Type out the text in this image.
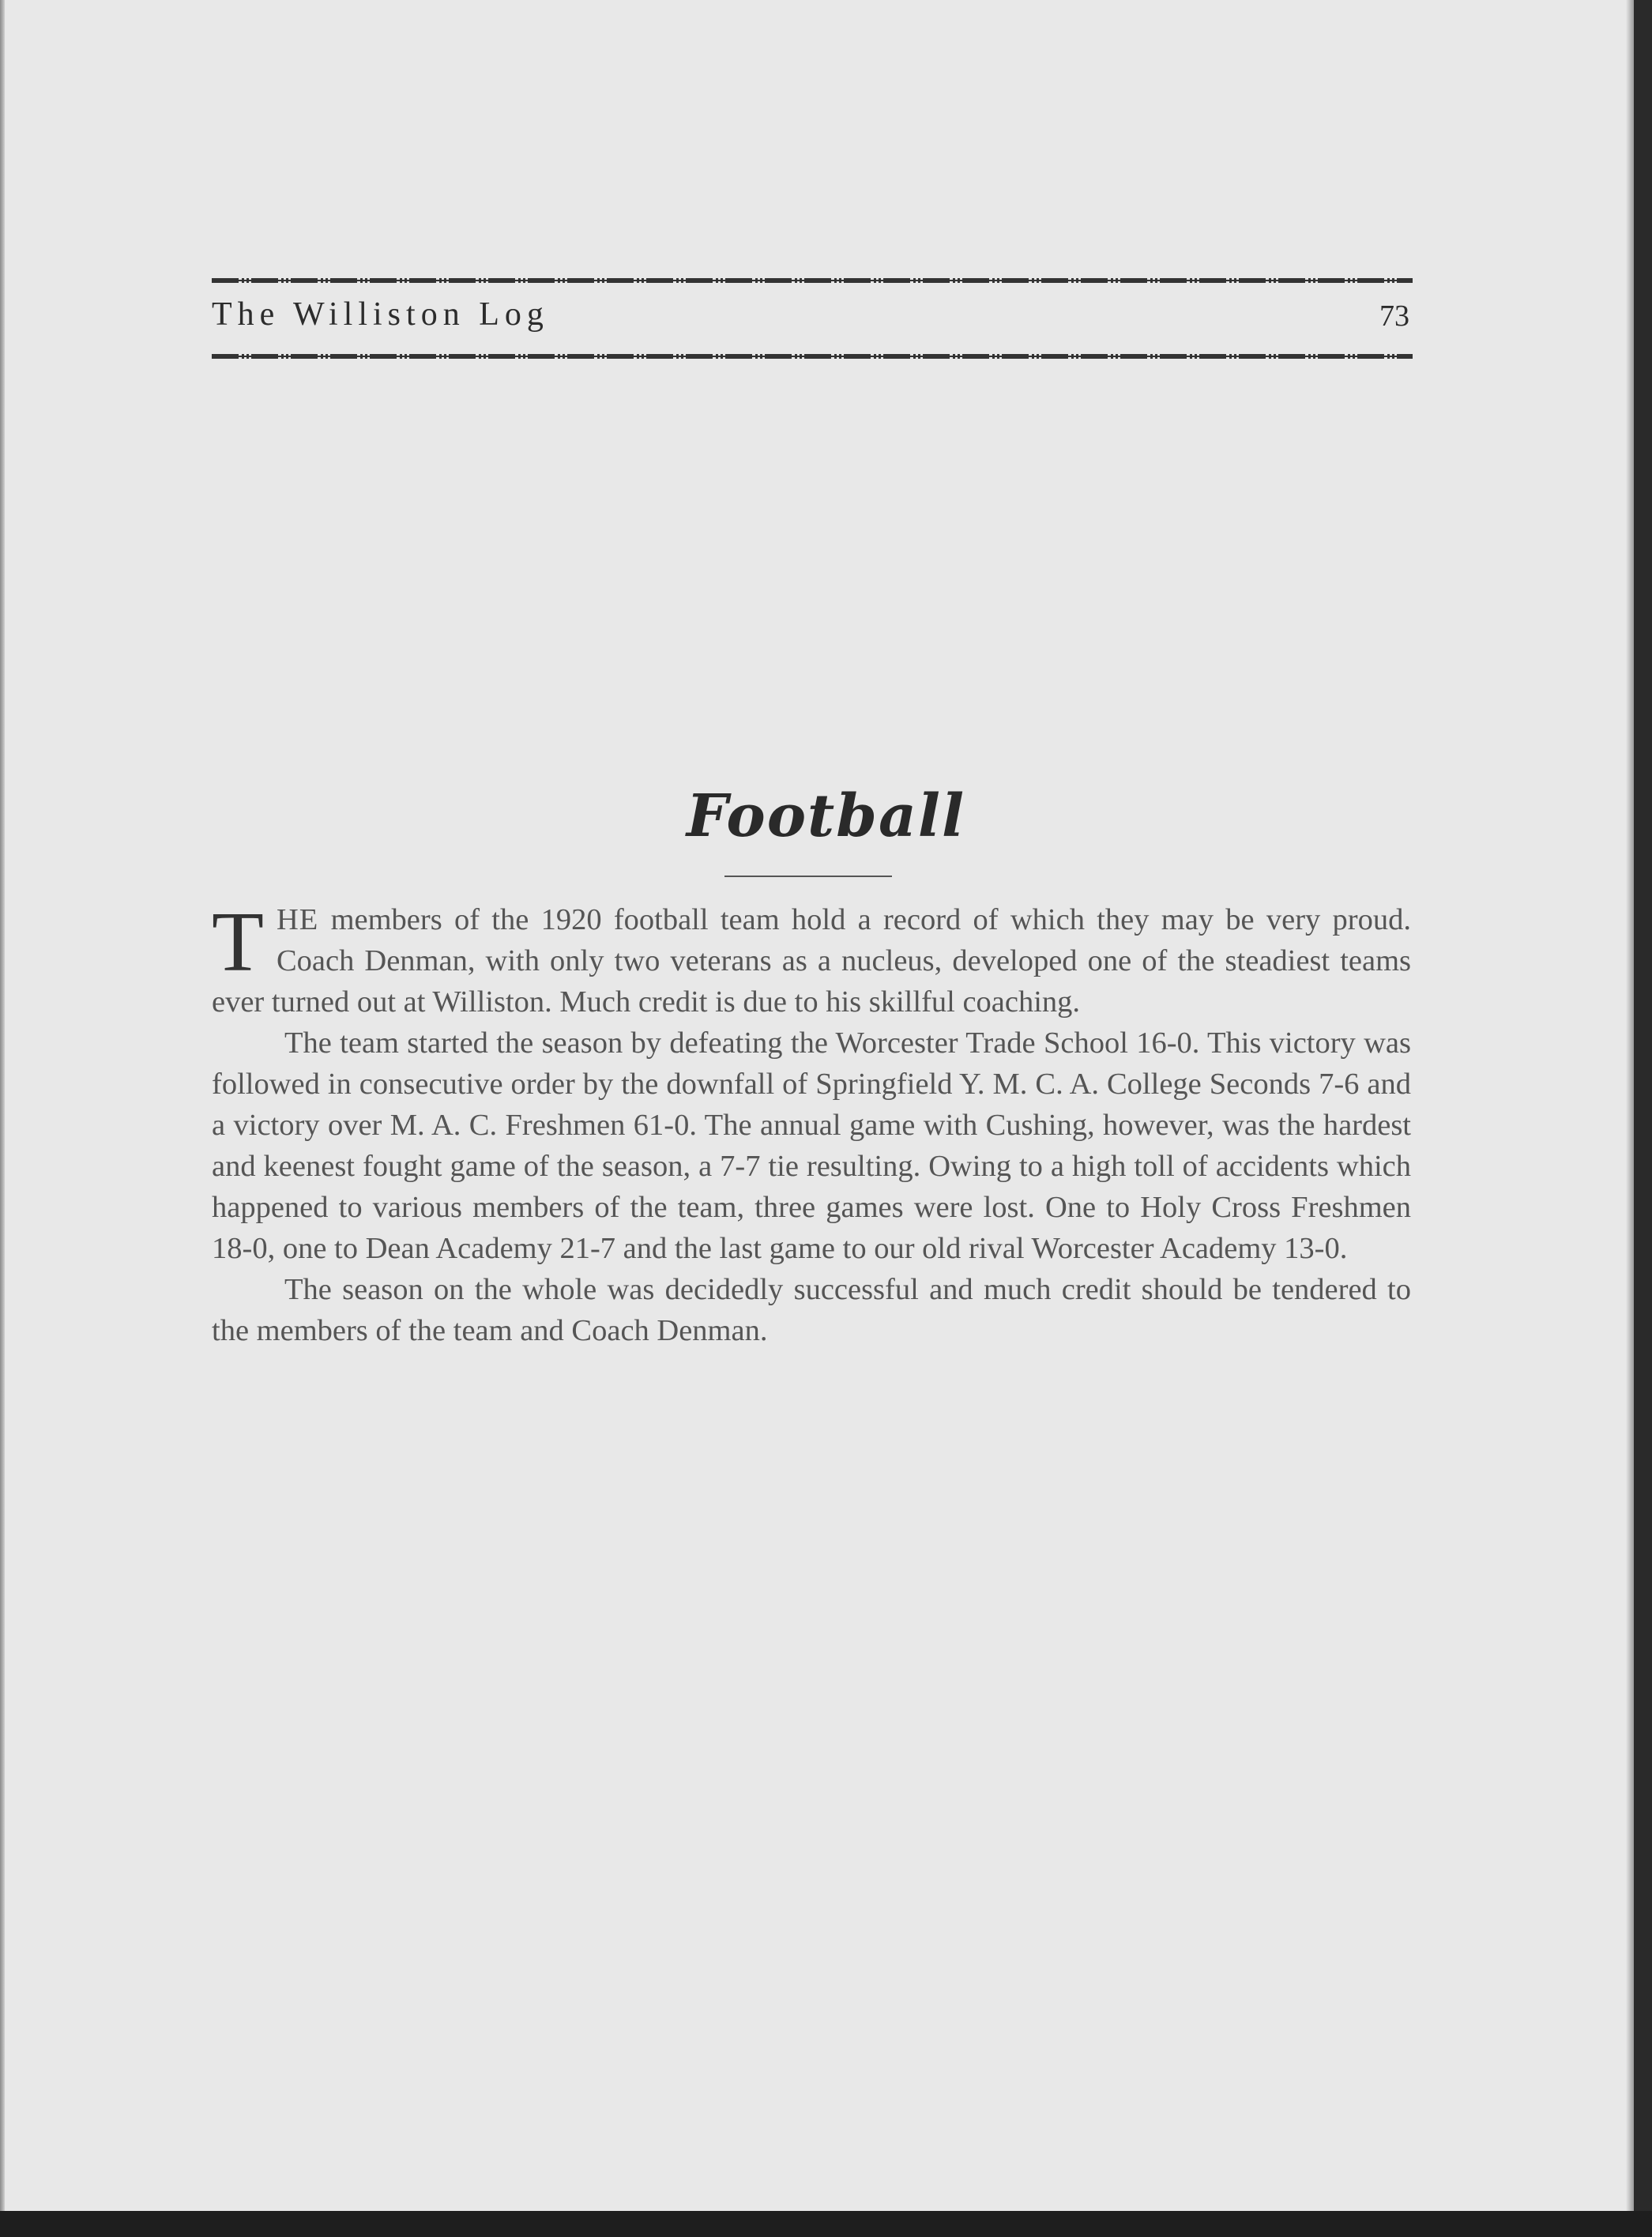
The Williston Log	73
Football

THE members of the 1920 football team hold a record of which they may be very proud. Coach Denman, with only two veterans as a nucleus, developed one of the steadiest teams ever turned out at Williston. Much credit is due to his skillful coaching.

The team started the season by defeating the Worcester Trade School 16-0. This victory was followed in consecutive order by the downfall of Springfield Y. M. C. A. College Seconds 7-6 and a victory over M. A. C. Freshmen 61-0. The annual game with Cushing, however, was the hardest and keenest fought game of the season, a 7-7 tie resulting. Owing to a high toll of accidents which happened to various members of the team, three games were lost. One to Holy Cross Freshmen 18-0, one to Dean Academy 21-7 and the last game to our old rival Worcester Academy 13-0.

The season on the whole was decidedly successful and much credit should be tendered to the members of the team and Coach Denman.
